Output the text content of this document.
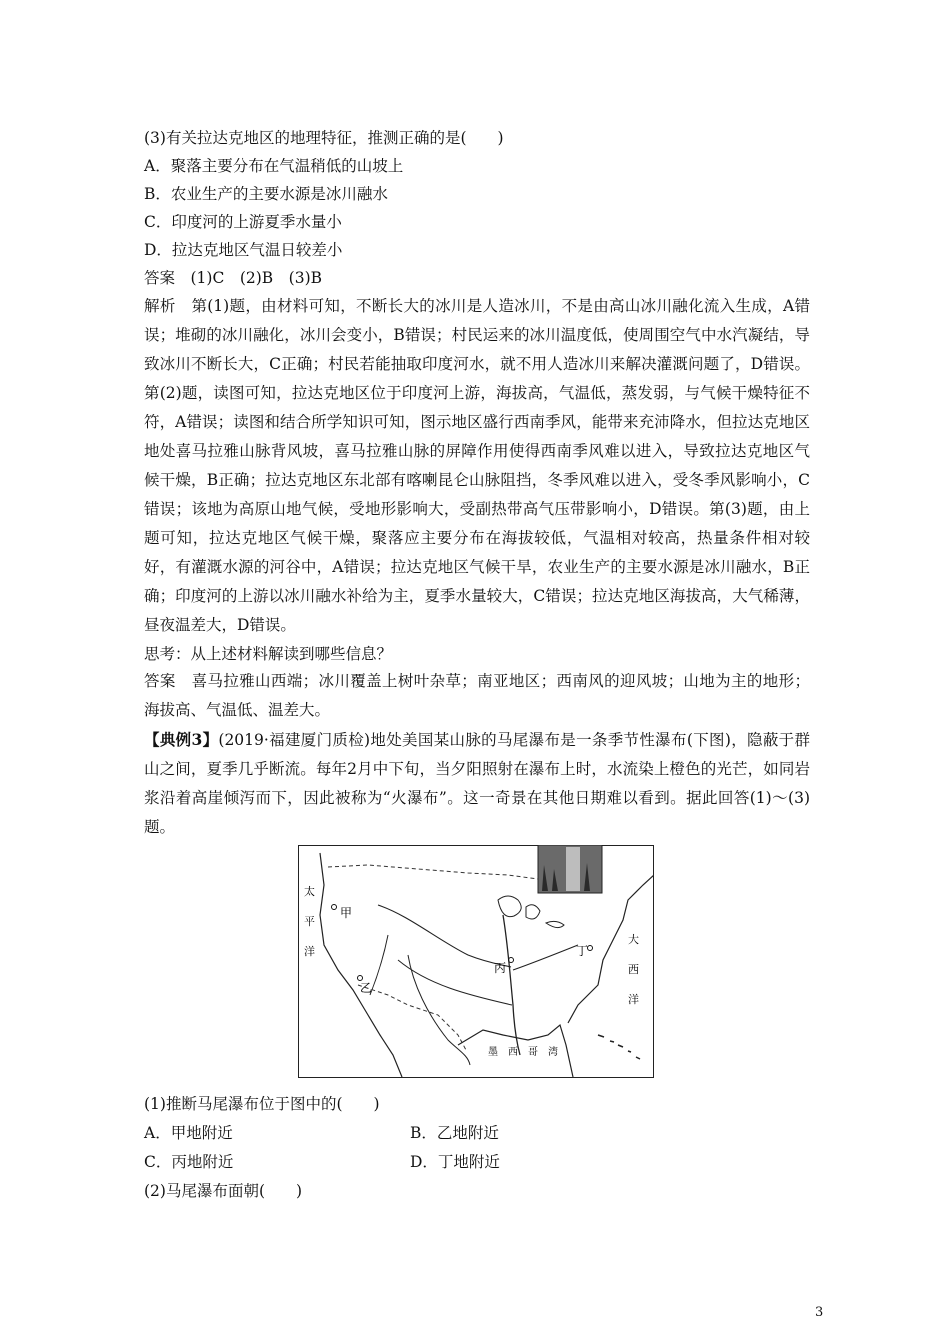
(3)有关拉达克地区的地理特征，推测正确的是(　　)
A．聚落主要分布在气温稍低的山坡上
B．农业生产的主要水源是冰川融水
C．印度河的上游夏季水量小
D．拉达克地区气温日较差小
答案　(1)C　(2)B　(3)B
解析　第(1)题，由材料可知，不断长大的冰川是人造冰川，不是由高山冰川融化流入生成，A错误；堆砌的冰川融化，冰川会变小，B错误；村民运来的冰川温度低，使周围空气中水汽凝结，导致冰川不断长大，C正确；村民若能抽取印度河水，就不用人造冰川来解决灌溉问题了，D错误。第(2)题，读图可知，拉达克地区位于印度河上游，海拔高，气温低，蒸发弱，与气候干燥特征不符，A错误；读图和结合所学知识可知，图示地区盛行西南季风，能带来充沛降水，但拉达克地区地处喜马拉雅山脉背风坡，喜马拉雅山脉的屏障作用使得西南季风难以进入，导致拉达克地区气候干燥，B正确；拉达克地区东北部有喀喇昆仑山脉阻挡，冬季风难以进入，受冬季风影响小，C错误；该地为高原山地气候，受地形影响大，受副热带高气压带影响小，D错误。第(3)题，由上题可知，拉达克地区气候干燥，聚落应主要分布在海拔较低，气温相对较高，热量条件相对较好，有灌溉水源的河谷中，A错误；拉达克地区气候干旱，农业生产的主要水源是冰川融水，B正确；印度河的上游以冰川融水补给为主，夏季水量较大，C错误；拉达克地区海拔高，大气稀薄，昼夜温差大，D错误。
思考：从上述材料解读到哪些信息？
答案　喜马拉雅山西端；冰川覆盖上树叶杂草；南亚地区；西南风的迎风坡；山地为主的地形；海拔高、气温低、温差大。
【典例3】(2019·福建厦门质检)地处美国某山脉的马尾瀑布是一条季节性瀑布(下图)，隐蔽于群山之间，夏季几乎断流。每年2月中下旬，当夕阳照射在瀑布上时，水流染上橙色的光芒，如同岩浆沿着高崖倾泻而下，因此被称为“火瀑布”。这一奇景在其他日期难以看到。据此回答(1)～(3)题。
太
平
洋
大
西
洋
甲
乙
丙
丁
墨　西　哥　湾
(1)推断马尾瀑布位于图中的(　　)
A．甲地附近	B．乙地附近
C．丙地附近	D．丁地附近
(2)马尾瀑布面朝(　　)
3
